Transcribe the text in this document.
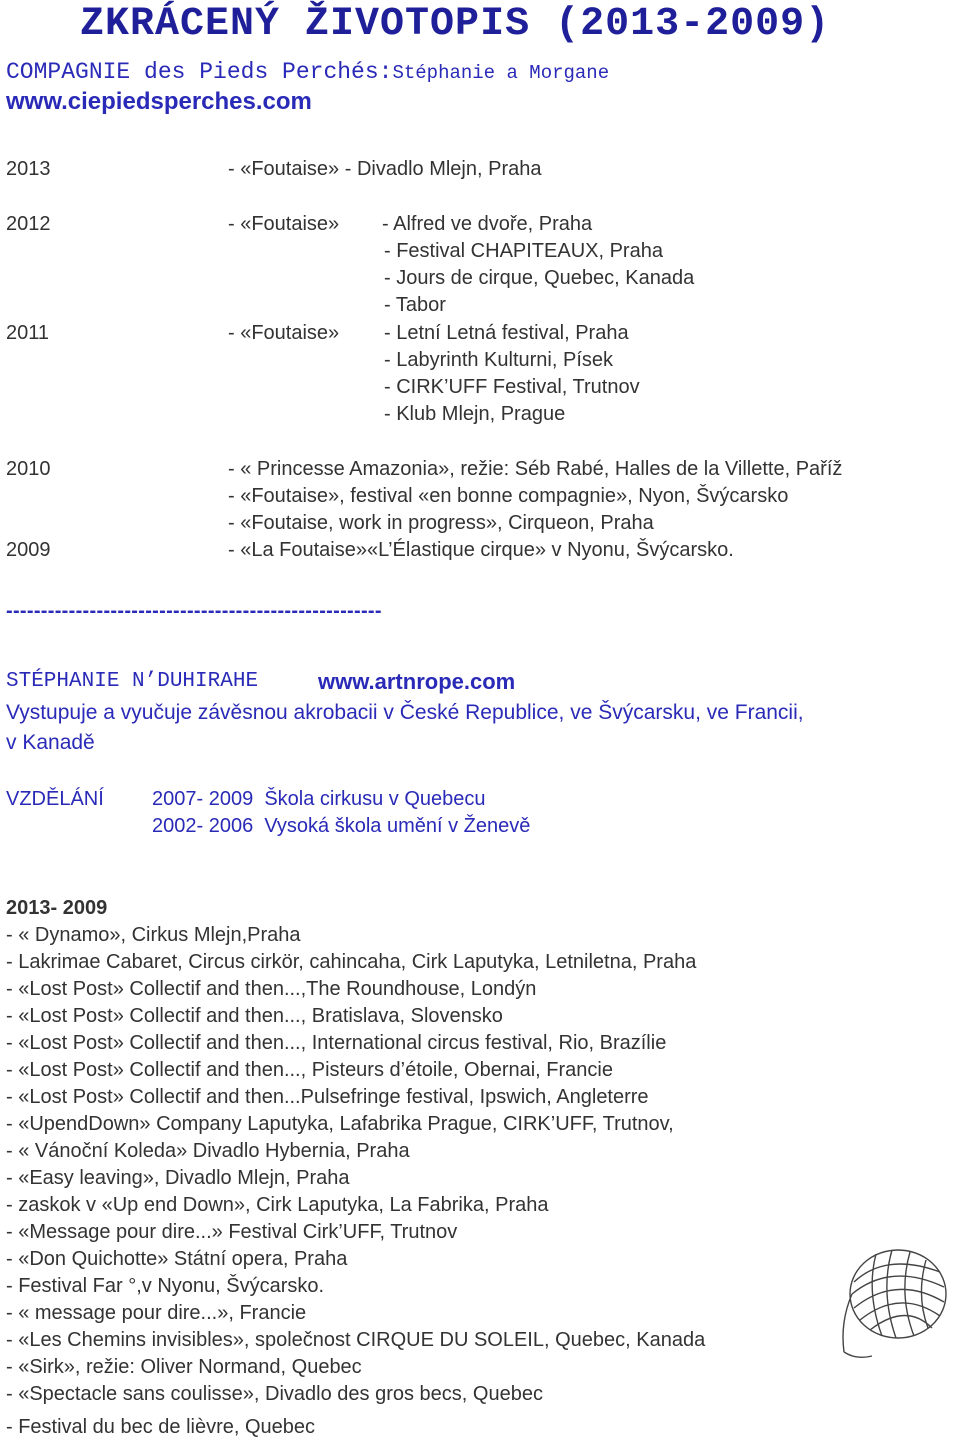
ZKRÁCENÝ ŽIVOTOPIS (2013-2009)
COMPAGNIE des Pieds Perchés:Stéphanie a Morgane
www.ciepiedsperches.com
2013	- «Foutaise» - Divadlo Mlejn, Praha
2012	- «Foutaise» - Alfred ve dvoře, Praha
- Festival CHAPITEAUX, Praha
- Jours de cirque, Quebec, Kanada
- Tabor
2011	- «Foutaise» - Letní Letná festival, Praha
- Labyrinth Kulturni, Písek
- CIRK’UFF Festival, Trutnov
- Klub Mlejn, Prague
2010	- « Princesse Amazonia», režie: Séb Rabé, Halles de la Villette, Paříž
- «Foutaise», festival «en bonne compagnie», Nyon, Švýcarsko
- «Foutaise, work in progress», Cirqueon, Praha
2009	- «La Foutaise»«L’Élastique cirque» v Nyonu, Švýcarsko.
------------------------------------------------------
STÉPHANIE N’DUHIRAHE	www.artnrope.com
Vystupuje a vyučuje závěsnou akrobacii v České Republice, ve Švýcarsku, ve Francii,
v Kanadě
VZDĚLÁNÍ 2007- 2009  Škola cirkusu v Quebecu
2002- 2006  Vysoká škola umění v Ženevě
2013- 2009
- « Dynamo», Cirkus Mlejn,Praha
- Lakrimae Cabaret, Circus cirkör, cahincaha, Cirk Laputyka, Letniletna, Praha
- «Lost Post» Collectif and then...,The Roundhouse, Londýn
- «Lost Post» Collectif and then..., Bratislava, Slovensko
- «Lost Post» Collectif and then..., International circus festival, Rio, Brazílie
- «Lost Post» Collectif and then..., Pisteurs d’étoile, Obernai, Francie
- «Lost Post» Collectif and then...Pulsefringe festival, Ipswich, Angleterre
- «UpendDown» Company Laputyka, Lafabrika Prague, CIRK’UFF, Trutnov,
- « Vánoční Koleda» Divadlo Hybernia, Praha
- «Easy leaving», Divadlo Mlejn, Praha
- zaskok v «Up end Down», Cirk Laputyka, La Fabrika, Praha
- «Message pour dire...» Festival Cirk’UFF, Trutnov
- «Don Quichotte» Státní opera, Praha
- Festival Far °,v Nyonu, Švýcarsko.
- « message pour dire...», Francie
- «Les Chemins invisibles», společnost CIRQUE DU SOLEIL, Quebec, Kanada
- «Sirk», režie: Oliver Normand, Quebec
- «Spectacle sans coulisse», Divadlo des gros becs, Quebec
- Festival du bec de lièvre, Quebec
